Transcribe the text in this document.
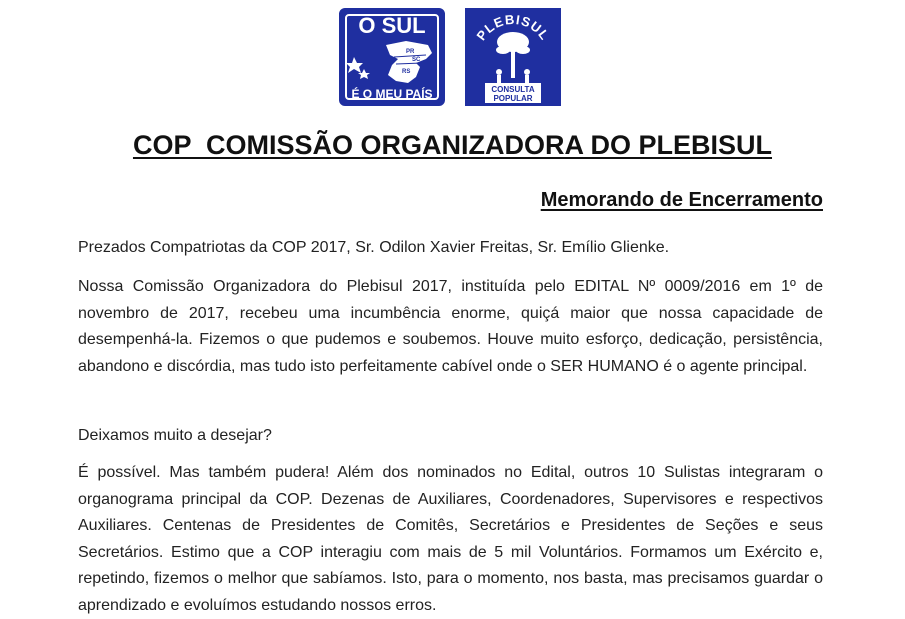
O SUL
PR
SC
RS
É O MEU PAÍS
PLEBISUL
CONSULTA
POPULAR
COP  COMISSÃO ORGANIZADORA DO PLEBISUL
Memorando de Encerramento

Prezados Compatriotas da COP 2017, Sr. Odilon Xavier Freitas, Sr. Emílio Glienke.

Nossa Comissão Organizadora do Plebisul 2017, instituída pelo EDITAL Nº 0009/2016 em 1º de novembro de 2017, recebeu uma incumbência enorme, quiçá maior que nossa capacidade de desempenhá-la. Fizemos o que pudemos e soubemos. Houve muito esforço, dedicação, persistência, abandono e discórdia, mas tudo isto perfeitamente cabível onde o SER HUMANO é o agente principal.

Deixamos muito a desejar?

É possível. Mas também pudera! Além dos nominados no Edital, outros 10 Sulistas integraram o organograma principal da COP. Dezenas de Auxiliares, Coordenadores, Supervisores e respectivos Auxiliares. Centenas de Presidentes de Comitês, Secretários e Presidentes de Seções e seus Secretários. Estimo que a COP interagiu com mais de 5 mil Voluntários. Formamos um Exército e, repetindo, fizemos o melhor que sabíamos. Isto, para o momento, nos basta, mas precisamos guardar o aprendizado e evoluímos estudando nossos erros.
